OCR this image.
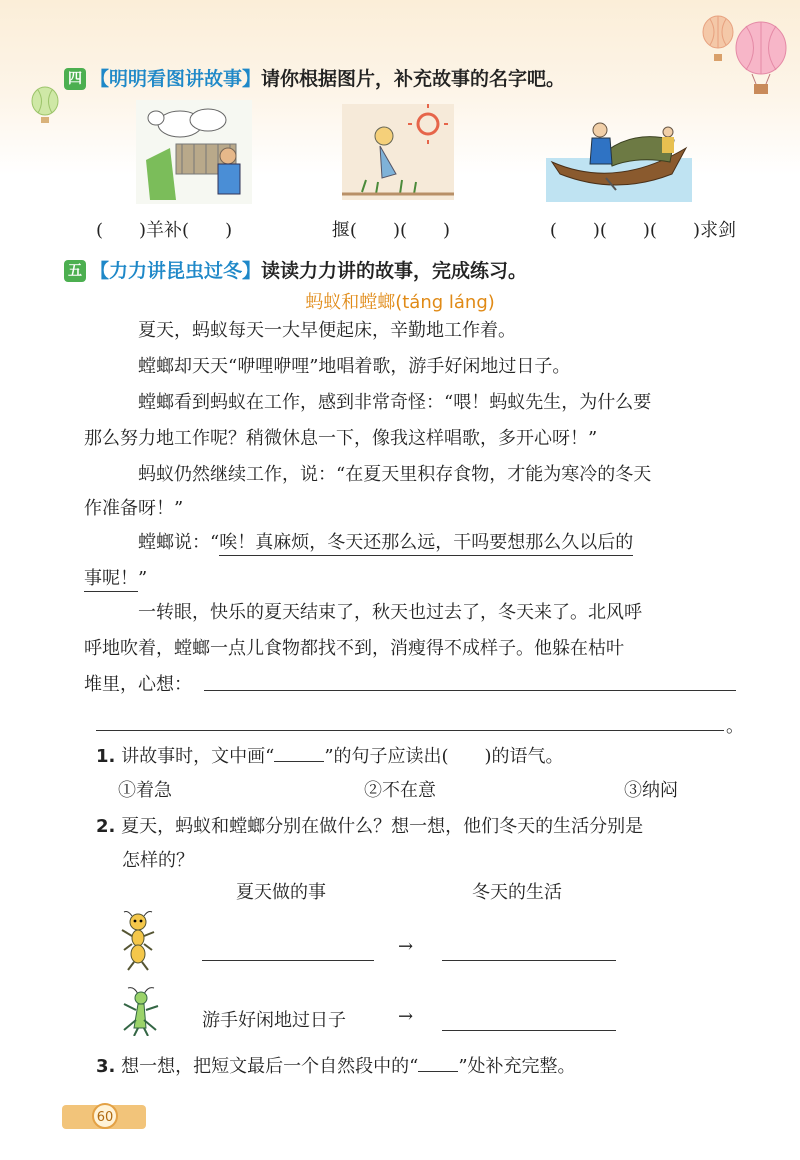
四 【明明看图讲故事】请你根据图片，补充故事的名字吧。
(　　)羊补(　　)	揠(　　)(　　)	(　　)(　　)(　　)求剑
五 【力力讲昆虫过冬】读读力力讲的故事，完成练习。
蚂蚁和螳螂(táng láng)
夏天，蚂蚁每天一大早便起床，辛勤地工作着。
螳螂却天天“咿哩咿哩”地唱着歌，游手好闲地过日子。
螳螂看到蚂蚁在工作，感到非常奇怪：“喂！蚂蚁先生，为什么要
那么努力地工作呢？稍微休息一下，像我这样唱歌，多开心呀！”
蚂蚁仍然继续工作，说：“在夏天里积存食物，才能为寒冷的冬天
作准备呀！”
螳螂说：“唉！真麻烦，冬天还那么远，干吗要想那么久以后的
事呢！”
一转眼，快乐的夏天结束了，秋天也过去了，冬天来了。北风呼
呼地吹着，螳螂一点儿食物都找不到，消瘦得不成样子。他躲在枯叶
堆里，心想：
。
1. 讲故事时，文中画“	”的句子应读出(　　)的语气。
①着急	②不在意	③纳闷
2. 夏天，蚂蚁和螳螂分别在做什么？想一想，他们冬天的生活分别是
怎样的？
夏天做的事	冬天的生活
→
游手好闲地过日子	→
3. 想一想，把短文最后一个自然段中的“ ”处补充完整。
60
